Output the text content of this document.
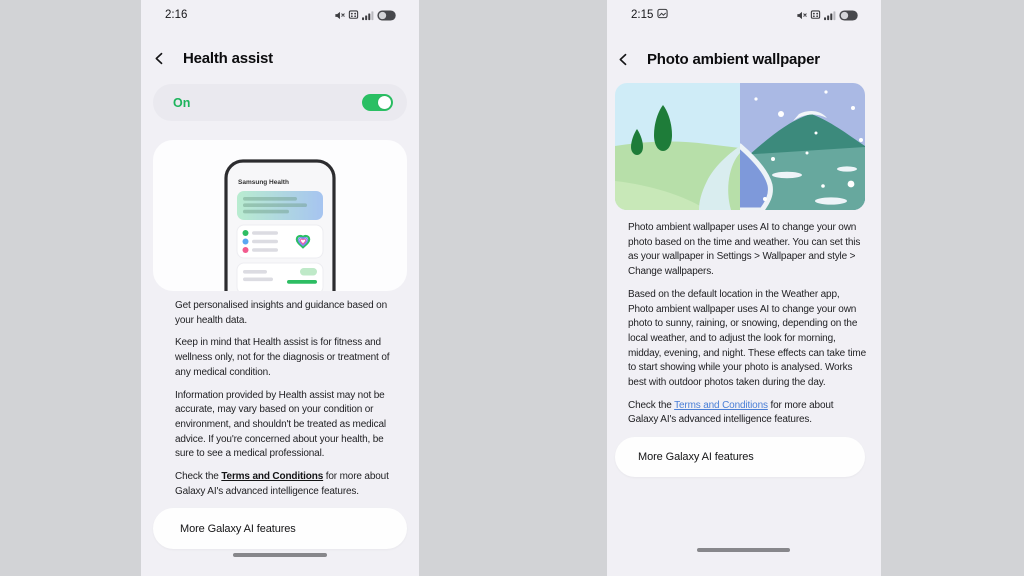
2:16
Health assist
On
Samsung Health

Get personalised insights and guidance based on your health data.

Keep in mind that Health assist is for fitness and wellness only, not for the diagnosis or treatment of any medical condition.

Information provided by Health assist may not be accurate, may vary based on your condition or environment, and shouldn't be treated as medical advice. If you're concerned about your health, be sure to see a medical professional.

Check the Terms and Conditions for more about Galaxy AI's advanced intelligence features.

More Galaxy AI features
2:15
Photo ambient wallpaper

Photo ambient wallpaper uses AI to change your own photo based on the time and weather. You can set this as your wallpaper in Settings > Wallpaper and style > Change wallpapers.

Based on the default location in the Weather app, Photo ambient wallpaper uses AI to change your own photo to sunny, raining, or snowing, depending on the local weather, and to adjust the look for morning, midday, evening, and night. These effects can take time to start showing while your photo is analysed. Works best with outdoor photos taken during the day.

Check the Terms and Conditions for more about Galaxy AI's advanced intelligence features.

More Galaxy AI features
